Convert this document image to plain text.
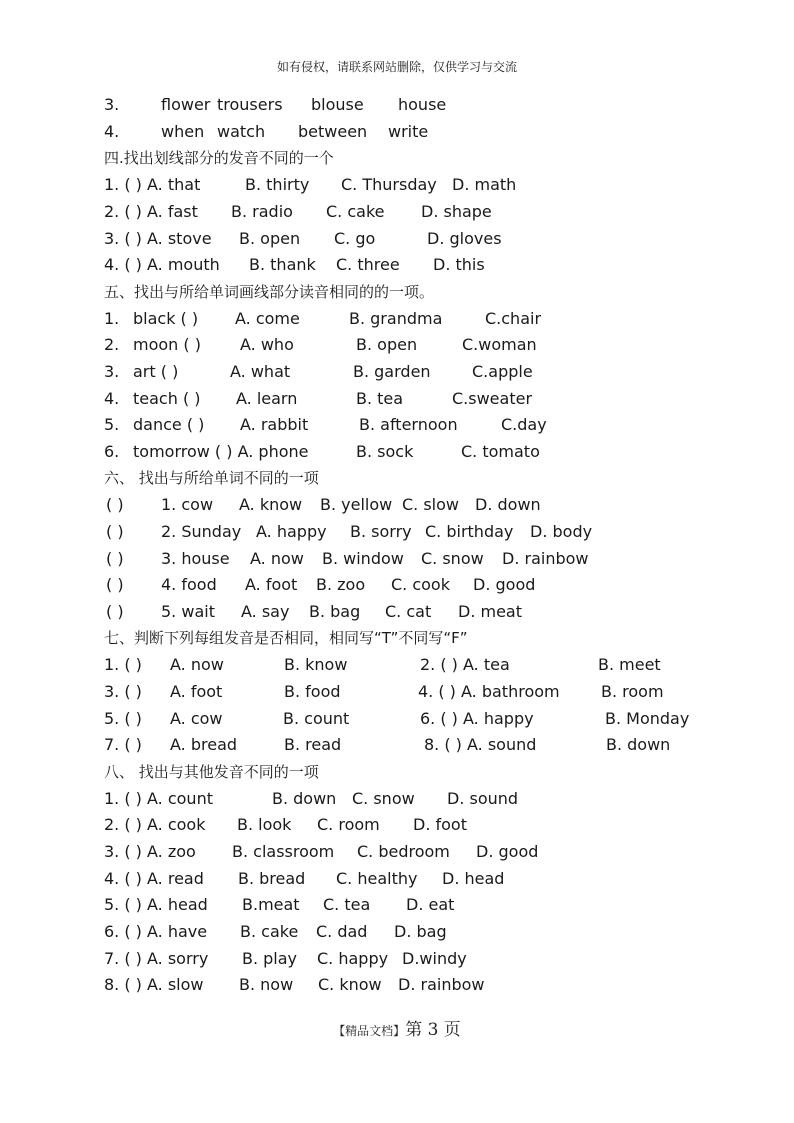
如有侵权，请联系网站删除，仅供学习与交流
3.	flower trousers blouse house
4.	when watch between write
四.找出划线部分的发音不同的一个
1. ( ) A. that	B. thirty C. Thursday D. math
2. ( ) A. fast B. radio C. cake D. shape
3. ( ) A. stove B. open C. go	D. gloves
4. ( ) A. mouth B. thank C. three D. this
五、找出与所给单词画线部分读音相同的的一项。
1. black ( ) A. come	B. grandma	C.chair
2. moon ( ) A. who	B. open	C.woman
3. art ( )	A. what	B. garden	C.apple
4. teach ( ) A. learn	B. tea	C.sweater
5. dance ( ) A. rabbit	B. afternoon	C.day
6. tomorrow ( ) A. phone	B. sock	C. tomato
六、 找出与所给单词不同的一项
( ) 1. cow A. know B. yellow C. slow D. down
( ) 2. Sunday A. happy B. sorry C. birthday D. body
( ) 3. house A. now B. window C. snow D. rainbow
( ) 4. food A. foot B. zoo C. cook D. good
( ) 5. wait A. say B. bag C. cat D. meat
七、判断下列每组发音是否相同，相同写“T”不同写“F”
1. ( ) A. now	B. know	2. ( ) A. tea	B. meet
3. ( ) A. foot	B. food	4. ( ) A. bathroom	B. room
5. ( ) A. cow	B. count	6. ( ) A. happy	B. Monday
7. ( ) A. bread	B. read	8. ( ) A. sound	B. down
八、 找出与其他发音不同的一项
1. ( ) A. count	B. down C. snow D. sound
2. ( ) A. cook B. look C. room D. foot
3. ( ) A. zoo B. classroom C. bedroom D. good
4. ( ) A. read B. bread C. healthy D. head
5. ( ) A. head B.meat C. tea D. eat
6. ( ) A. have B. cake C. dad D. bag
7. ( ) A. sorry B. play C. happy D.windy
8. ( ) A. slow B. now C. know D. rainbow
【精品文档】第 3 页
